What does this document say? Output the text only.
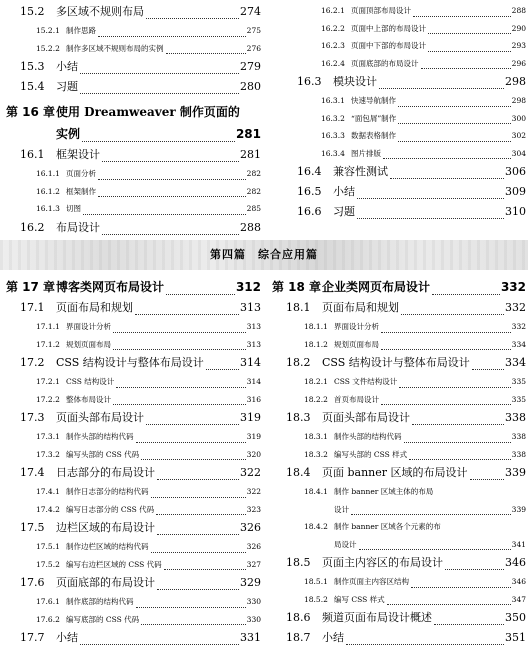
15.2	多区域不规则布局	274
15.2.1 制作思路	275
15.2.2 制作多区域不规则布局的实例	276
15.3	小结	279
15.4	习题	280
第 16 章 使用 Dreamweaver 制作页面的
实例	281
16.1	框架设计	281
16.1.1 页面分析	282
16.1.2 框架制作	282
16.1.3 切图	285
16.2	布局设计	288
16.2.1 页面顶部布局设计	288
16.2.2 页面中上部的布局设计	290
16.2.3 页面中下部的布局设计	293
16.2.4 页面底部的布局设计	296
16.3	模块设计	298
16.3.1 快速导航制作	298
16.3.2 “面包屑”制作	300
16.3.3 数据表格制作	302
16.3.4 图片排版	304
16.4	兼容性测试	306
16.5	小结	309
16.6	习题	310
第四篇　综合应用篇
第 17 章 博客类网页布局设计	312
17.1	页面布局和规划	313
17.1.1 界面设计分析	313
17.1.2 规划页面布局	313
17.2	CSS 结构设计与整体布局设计	314
17.2.1 CSS 结构设计	314
17.2.2 整体布局设计	316
17.3	页面头部布局设计	319
17.3.1 制作头部的结构代码	319
17.3.2 编写头部的 CSS 代码	320
17.4	日志部分的布局设计	322
17.4.1 制作日志部分的结构代码	322
17.4.2 编写日志部分的 CSS 代码	323
17.5	边栏区域的布局设计	326
17.5.1 制作边栏区域的结构代码	326
17.5.2 编写右边栏区域的 CSS 代码	327
17.6	页面底部的布局设计	329
17.6.1 制作底部的结构代码	330
17.6.2 编写底部的 CSS 代码	330
17.7	小结	331
第 18 章 企业类网页布局设计	332
18.1	页面布局和规划	332
18.1.1 界面设计分析	332
18.1.2 规划页面布局	334
18.2	CSS 结构设计与整体布局设计	334
18.2.1 CSS 文件结构设计	335
18.2.2 首页布局设计	335
18.3	页面头部布局设计	338
18.3.1 制作头部的结构代码	338
18.3.2 编写头部的 CSS 样式	338
18.4	页面 banner 区域的布局设计	339
18.4.1 制作 banner 区域主体的布局
设计	339
18.4.2 制作 banner 区域各个元素的布
局设计	341
18.5	页面主内容区的布局设计	346
18.5.1 制作页面主内容区结构	346
18.5.2 编写 CSS 样式	347
18.6	频道页面布局设计概述	350
18.7	小结	351
